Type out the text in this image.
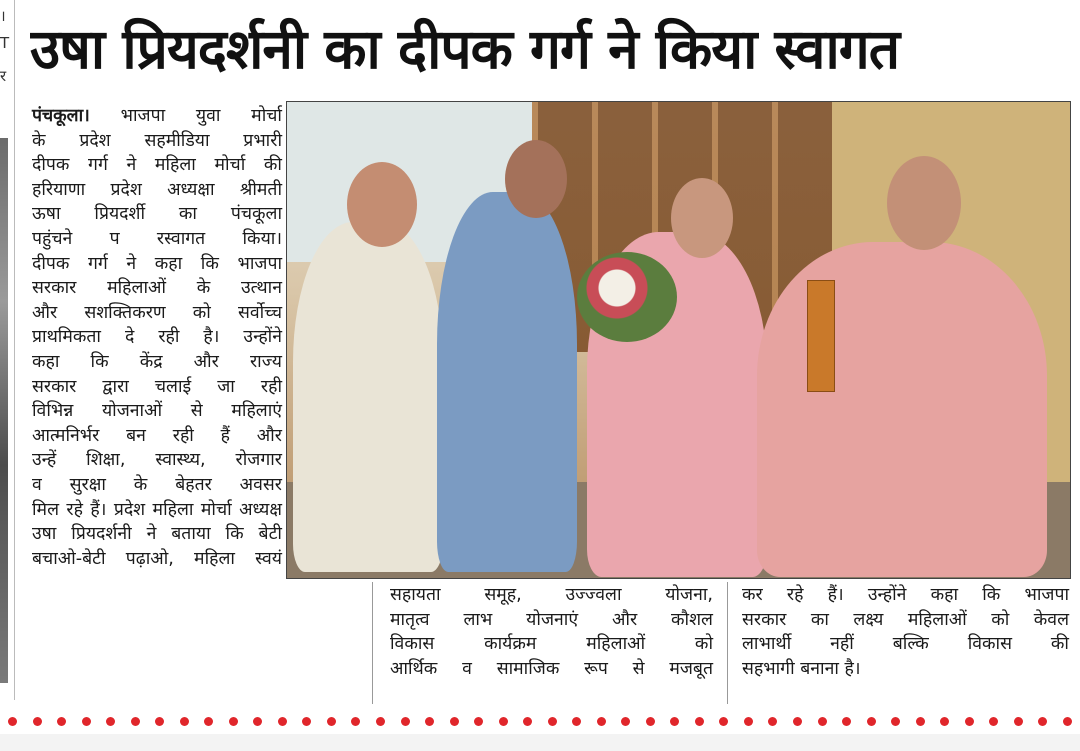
।
T
र उषा प्रियदर्शनी का दीपक गर्ग ने किया स्वागत

पंचकूला। भाजपा युवा मोर्चा

के प्रदेश सहमीडिया प्रभारी

दीपक गर्ग ने महिला मोर्चा की

हरियाणा प्रदेश अध्यक्षा श्रीमती

ऊषा प्रियदर्शी का पंचकूला

पहुंचने प रस्वागत किया।

दीपक गर्ग ने कहा कि भाजपा

सरकार महिलाओं के उत्थान

और सशक्तिकरण को सर्वोच्च

प्राथमिकता दे रही है। उन्होंने

कहा कि केंद्र और राज्य

सरकार द्वारा चलाई जा रही

विभिन्न योजनाओं से महिलाएं

आत्मनिर्भर बन रही हैं और

उन्हें शिक्षा, स्वास्थ्य, रोजगार

व सुरक्षा के बेहतर अवसर

मिल रहे हैं। प्रदेश महिला मोर्चा अध्यक्ष

उषा प्रियदर्शनी ने बताया कि बेटी

बचाओ-बेटी पढ़ाओ, महिला स्वयं

सहायता समूह, उज्ज्वला योजना,

मातृत्व लाभ योजनाएं और कौशल

विकास कार्यक्रम महिलाओं को

आर्थिक व सामाजिक रूप से मजबूत

कर रहे हैं। उन्होंने कहा कि भाजपा

सरकार का लक्ष्य महिलाओं को केवल

लाभार्थी नहीं बल्कि विकास की

सहभागी बनाना है।
